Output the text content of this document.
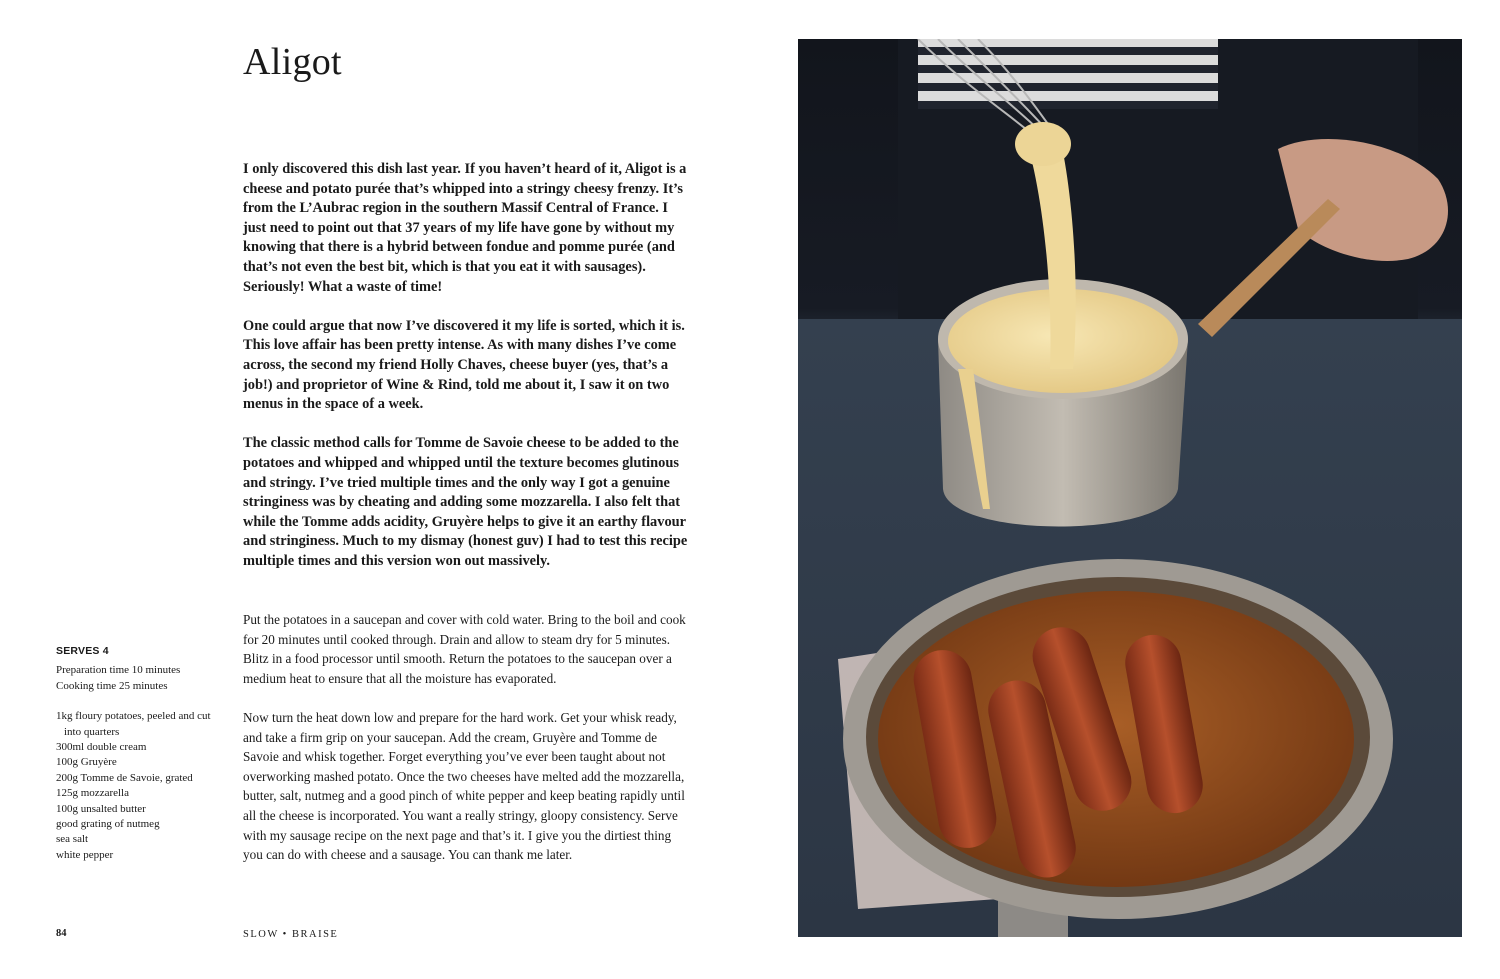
Aligot

I only discovered this dish last year. If you haven’t heard of it, Aligot is a cheese and potato purée that’s whipped into a stringy cheesy frenzy. It’s from the L’Aubrac region in the southern Massif Central of France. I just need to point out that 37 years of my life have gone by without my knowing that there is a hybrid between fondue and pomme purée (and that’s not even the best bit, which is that you eat it with sausages). Seriously! What a waste of time!

One could argue that now I’ve discovered it my life is sorted, which it is. This love affair has been pretty intense. As with many dishes I’ve come across, the second my friend Holly Chaves, cheese buyer (yes, that’s a job!) and proprietor of Wine & Rind, told me about it, I saw it on two menus in the space of a week.

The classic method calls for Tomme de Savoie cheese to be added to the potatoes and whipped and whipped until the texture becomes glutinous and stringy. I’ve tried multiple times and the only way I got a genuine stringiness was by cheating and adding some mozzarella. I also felt that while the Tomme adds acidity, Gruyère helps to give it an earthy flavour and stringiness. Much to my dismay (honest guv) I had to test this recipe multiple times and this version won out massively.

Put the potatoes in a saucepan and cover with cold water. Bring to the boil and cook for 20 minutes until cooked through. Drain and allow to steam dry for 5 minutes. Blitz in a food processor until smooth. Return the potatoes to the saucepan over a medium heat to ensure that all the moisture has evaporated.

Now turn the heat down low and prepare for the hard work. Get your whisk ready, and take a firm grip on your saucepan. Add the cream, Gruyère and Tomme de Savoie and whisk together. Forget everything you’ve ever been taught about not overworking mashed potato. Once the two cheeses have melted add the mozzarella, butter, salt, nutmeg and a good pinch of white pepper and keep beating rapidly until all the cheese is incorporated. You want a really stringy, gloopy consistency. Serve with my sausage recipe on the next page and that’s it. I give you the dirtiest thing you can do with cheese and a sausage. You can thank me later.

SERVES 4
Preparation time 10 minutes
Cooking time 25 minutes
1kg floury potatoes, peeled and cut into quarters
300ml double cream
100g Gruyère
200g Tomme de Savoie, grated
125g mozzarella
100g unsalted butter
good grating of nutmeg
sea salt
white pepper
84	SLOW • BRAISE
